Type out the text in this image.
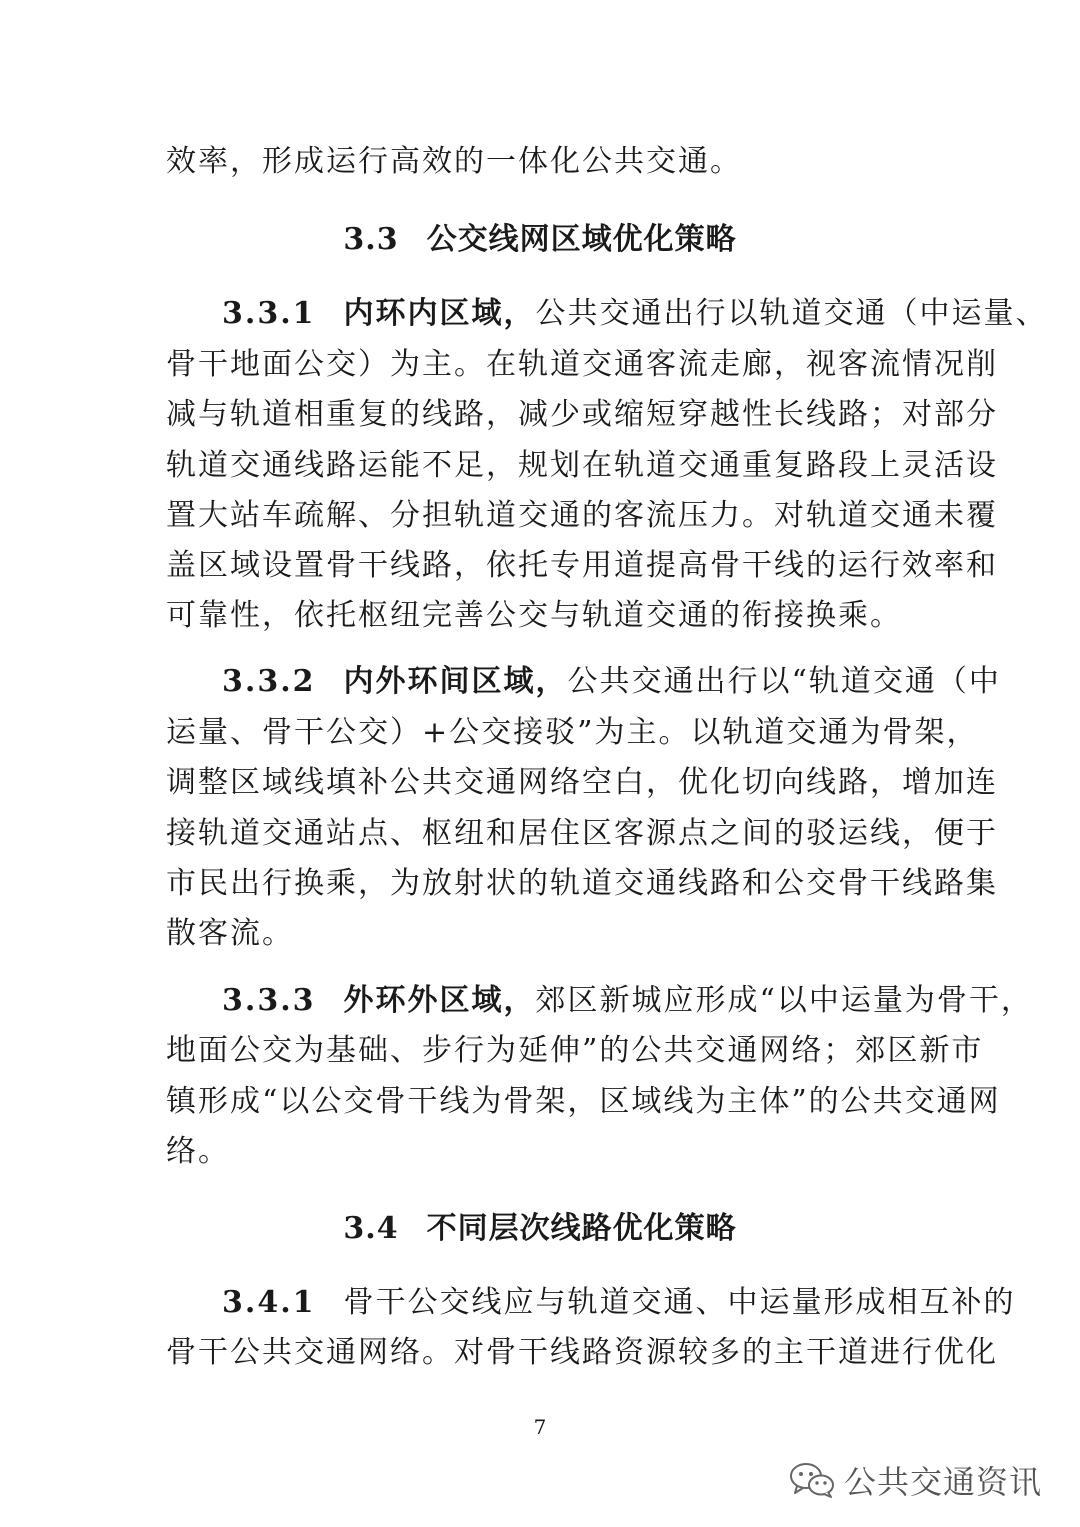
效率，形成运行高效的一体化公共交通。
3.3 公交线网区域优化策略
3.3.1 内环内区域，公共交通出行以轨道交通（中运量、
骨干地面公交）为主。在轨道交通客流走廊，视客流情况削
减与轨道相重复的线路，减少或缩短穿越性长线路；对部分
轨道交通线路运能不足，规划在轨道交通重复路段上灵活设
置大站车疏解、分担轨道交通的客流压力。对轨道交通未覆
盖区域设置骨干线路，依托专用道提高骨干线的运行效率和
可靠性，依托枢纽完善公交与轨道交通的衔接换乘。
3.3.2 内外环间区域，公共交通出行以“轨道交通（中
运量、骨干公交）+公交接驳”为主。以轨道交通为骨架，
调整区域线填补公共交通网络空白，优化切向线路，增加连
接轨道交通站点、枢纽和居住区客源点之间的驳运线，便于
市民出行换乘，为放射状的轨道交通线路和公交骨干线路集
散客流。
3.3.3 外环外区域，郊区新城应形成“以中运量为骨干，
地面公交为基础、步行为延伸”的公共交通网络；郊区新市
镇形成“以公交骨干线为骨架，区域线为主体”的公共交通网
络。
3.4 不同层次线路优化策略
3.4.1 骨干公交线应与轨道交通、中运量形成相互补的
骨干公共交通网络。对骨干线路资源较多的主干道进行优化
7
公共交通资讯
